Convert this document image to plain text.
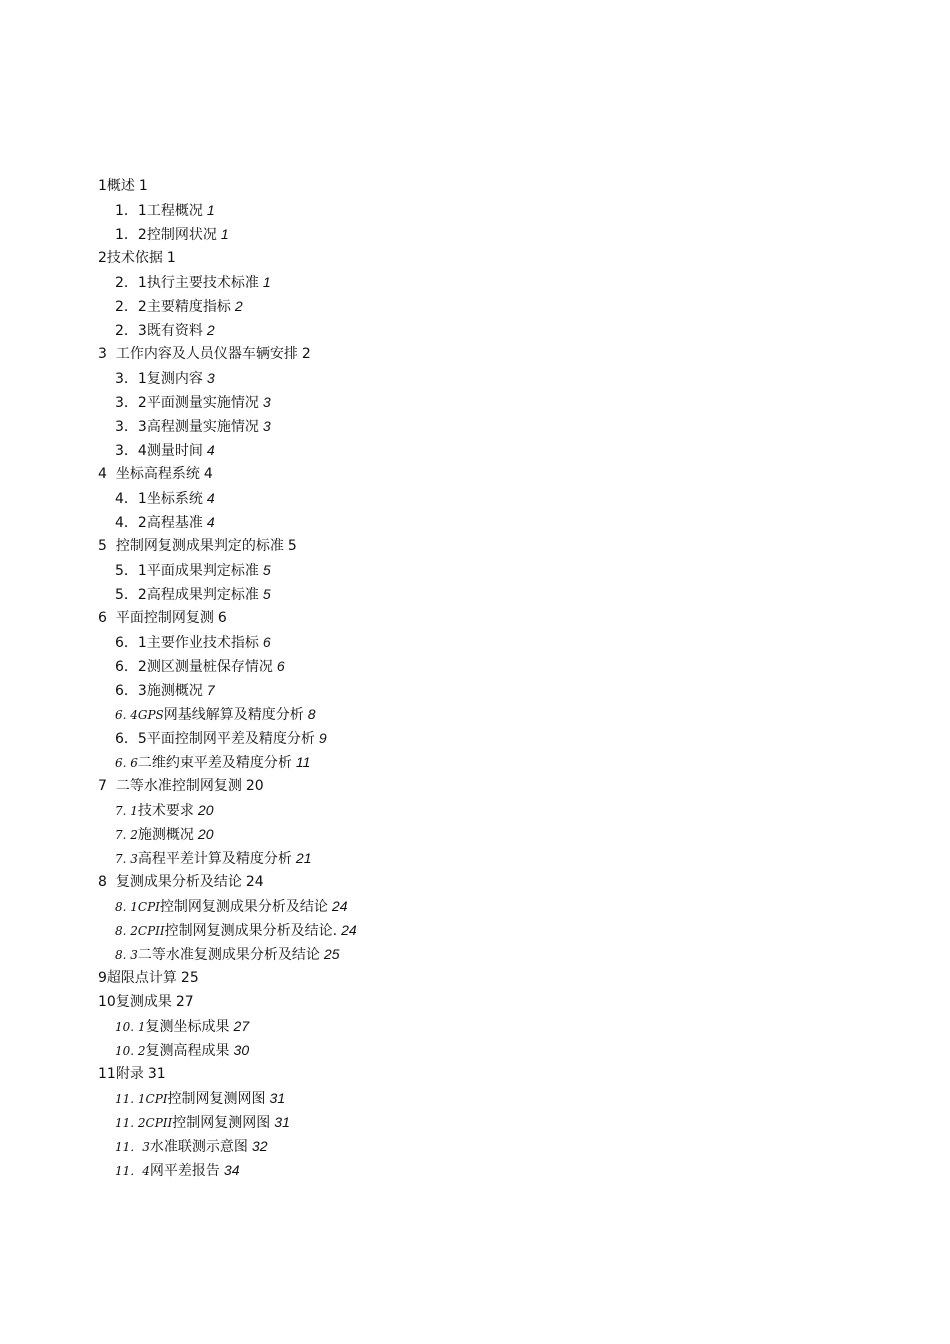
1概述 1
1．1工程概况 1
1．2控制网状况 1
2技术依据 1
2．1执行主要技术标准 1
2．2主要精度指标 2
2．3既有资料 2
3  工作内容及人员仪器车辆安排 2
3．1复测内容 3
3．2平面测量实施情况 3
3．3高程测量实施情况 3
3．4测量时间 4
4  坐标高程系统 4
4．1坐标系统 4
4．2高程基准 4
5  控制网复测成果判定的标准 5
5．1平面成果判定标准 5
5．2高程成果判定标准 5
6  平面控制网复测 6
6．1主要作业技术指标 6
6．2测区测量桩保存情况 6
6．3施测概况 7
6. 4GPS网基线解算及精度分析 8
6．5平面控制网平差及精度分析 9
6. 6二维约束平差及精度分析 11
7  二等水准控制网复测 20
7. 1技术要求 20
7. 2施测概况 20
7. 3高程平差计算及精度分析 21
8  复测成果分析及结论 24
8. 1CPI控制网复测成果分析及结论 24
8. 2CPII控制网复测成果分析及结论. 24
8. 3二等水准复测成果分析及结论 25
9超限点计算 25
10复测成果 27
10. 1复测坐标成果 27
10. 2复测高程成果 30
11附录 31
11. 1CPⅠ控制网复测网图 31
11. 2CPII控制网复测网图 31
11．3水准联测示意图 32
11．4网平差报告 34
